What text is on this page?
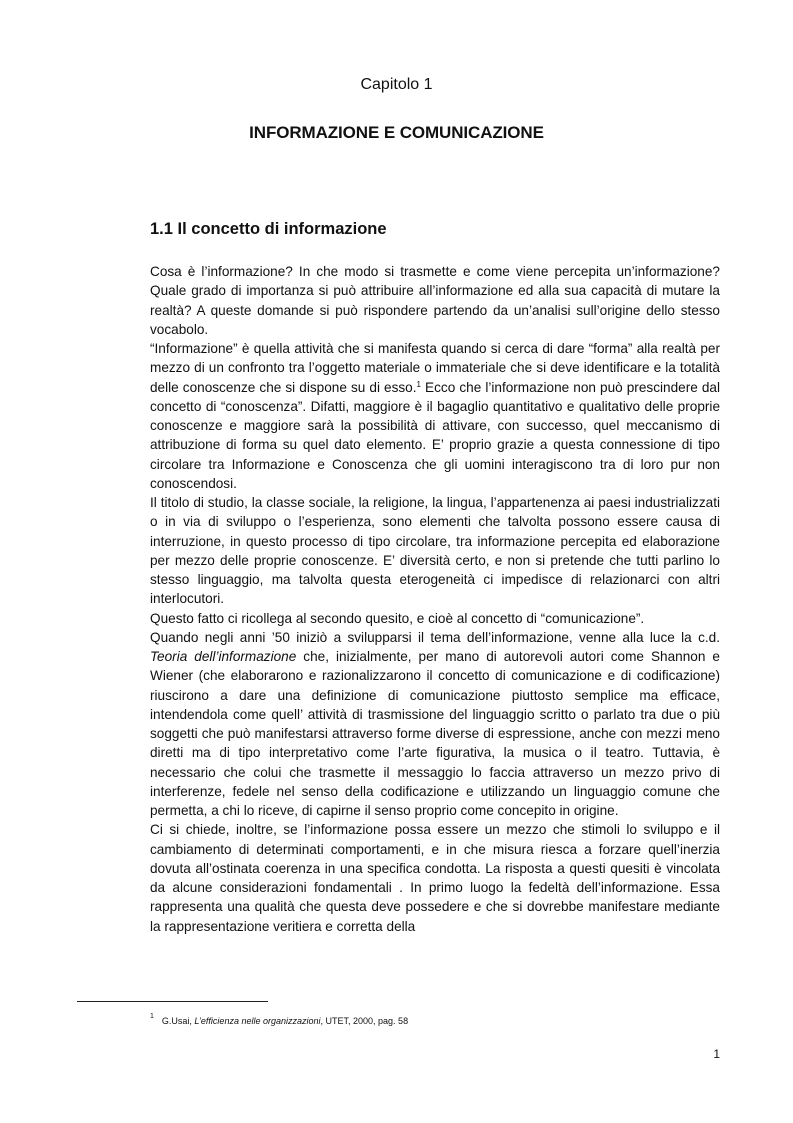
Capitolo 1
INFORMAZIONE E COMUNICAZIONE
1.1 Il concetto di informazione

Cosa è l’informazione? In che modo si trasmette e come viene percepita un’informazione? Quale grado di importanza si può attribuire all’informazione ed alla sua capacità di mutare la realtà? A queste domande si può rispondere partendo da un’analisi sull’origine dello stesso vocabolo.

“Informazione” è quella attività che si manifesta quando si cerca di dare “forma” alla realtà per mezzo di un confronto tra l’oggetto materiale o immateriale che si deve identificare e la totalità delle conoscenze che si dispone su di esso.$^1$ Ecco che l’informazione non può prescindere dal concetto di “conoscenza”. Difatti, maggiore è il bagaglio quantitativo e qualitativo delle proprie conoscenze e maggiore sarà la possibilità di attivare, con successo, quel meccanismo di attribuzione di forma su quel dato elemento. E’ proprio grazie a questa connessione di tipo circolare tra Informazione e Conoscenza che gli uomini interagiscono tra di loro pur non conoscendosi.

Il titolo di studio, la classe sociale, la religione, la lingua, l’appartenenza ai paesi industrializzati o in via di sviluppo o l’esperienza, sono elementi che talvolta possono essere causa di interruzione, in questo processo di tipo circolare, tra informazione percepita ed elaborazione per mezzo delle proprie conoscenze. E’ diversità certo, e non si pretende che tutti parlino lo stesso linguaggio, ma talvolta questa eterogeneità ci impedisce di relazionarci con altri interlocutori.

Questo fatto ci ricollega al secondo quesito, e cioè al concetto di “comunicazione”.

Quando negli anni ’50 iniziò a svilupparsi il tema dell’informazione, venne alla luce la c.d. Teoria dell’informazione che, inizialmente, per mano di autorevoli autori come Shannon e Wiener (che elaborarono e razionalizzarono il concetto di comunicazione e di codificazione) riuscirono a dare una definizione di comunicazione piuttosto semplice ma efficace, intendendola come quell’ attività di trasmissione del linguaggio scritto o parlato tra due o più soggetti che può manifestarsi attraverso forme diverse di espressione, anche con mezzi meno diretti ma di tipo interpretativo come l’arte figurativa, la musica o il teatro. Tuttavia, è necessario che colui che trasmette il messaggio lo faccia attraverso un mezzo privo di interferenze, fedele nel senso della codificazione e utilizzando un linguaggio comune che permetta, a chi lo riceve, di capirne il senso proprio come concepito in origine.

Ci si chiede, inoltre, se l’informazione possa essere un mezzo che stimoli lo sviluppo e il cambiamento di determinati comportamenti, e in che misura riesca a forzare quell’inerzia dovuta all’ostinata coerenza in una specifica condotta. La risposta a questi quesiti è vincolata da alcune considerazioni fondamentali . In primo luogo la fedeltà dell’informazione. Essa rappresenta una qualità che questa deve possedere e che si dovrebbe manifestare mediante la rappresentazione veritiera e corretta della

$^1$ G.Usai, L’efficienza nelle organizzazioni, UTET, 2000, pag. 58
1
